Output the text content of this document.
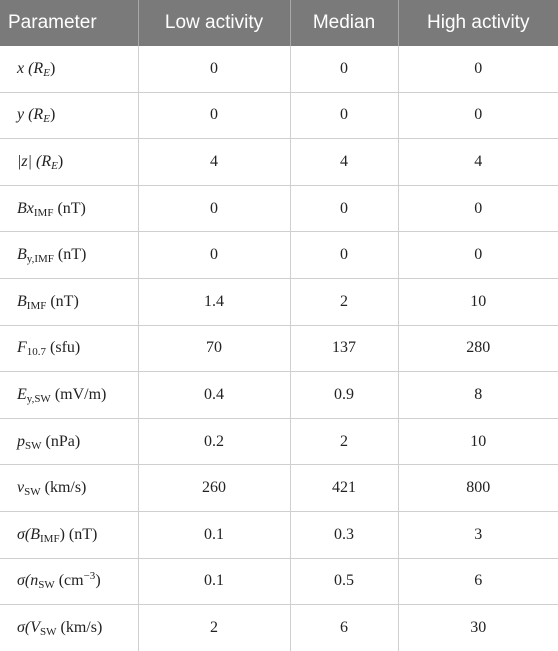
Parameter	Low activity	Median	High activity
x $(R_E)$	0	0	0
y $(R_E)$	0	0	0
|z| $(R_E)$	4	4	4
$Bx_{IMF}$ (nT)	0	0	0
$B_{y,IMF}$ (nT)	0	0	0
$B_{IMF}$ (nT)	1.4	2	10
$F_{10.7}$ (sfu)	70	137	280
$E_{y,SW}$ (mV/m)	0.4	0.9	8
$p_{SW}$ (nPa)	0.2	2	10
$v_{SW}$ (km/s)	260	421	800
$\sigma(B_{IMF})$ (nT)	0.1	0.3	3
$\sigma(n_{SW}$ $(cm^{-3})$	0.1	0.5	6
$\sigma(V_{SW}$ (km/s)	2	6	30
